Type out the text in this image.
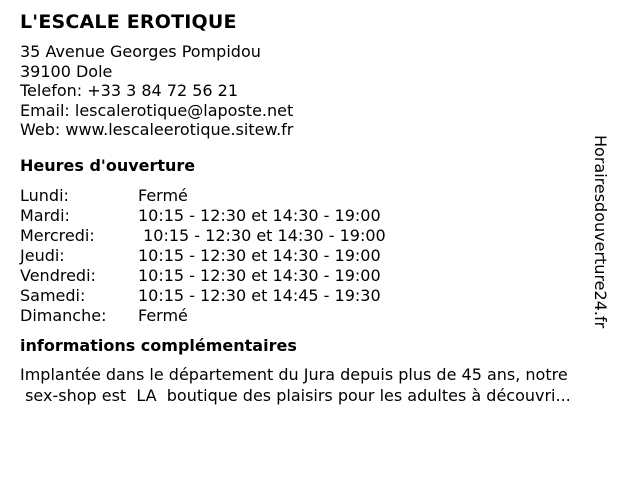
L'ESCALE EROTIQUE
35 Avenue Georges Pompidou
39100 Dole
Telefon: +33 3 84 72 56 21
Email: lescalerotique@laposte.net
Web: www.lescaleerotique.sitew.fr
Heures d'ouverture
Lundi:	Fermé
Mardi:	10:15 - 12:30 et 14:30 - 19:00
Mercredi:	10:15 - 12:30 et 14:30 - 19:00
Jeudi:	10:15 - 12:30 et 14:30 - 19:00
Vendredi:	10:15 - 12:30 et 14:30 - 19:00
Samedi:	10:15 - 12:30 et 14:45 - 19:30
Dimanche:	Fermé
informations complémentaires
Implantée dans le département du Jura depuis plus de 45 ans, notre
sex-shop est  LA  boutique des plaisirs pour les adultes à découvri...
Horairesdouverture24.fr
